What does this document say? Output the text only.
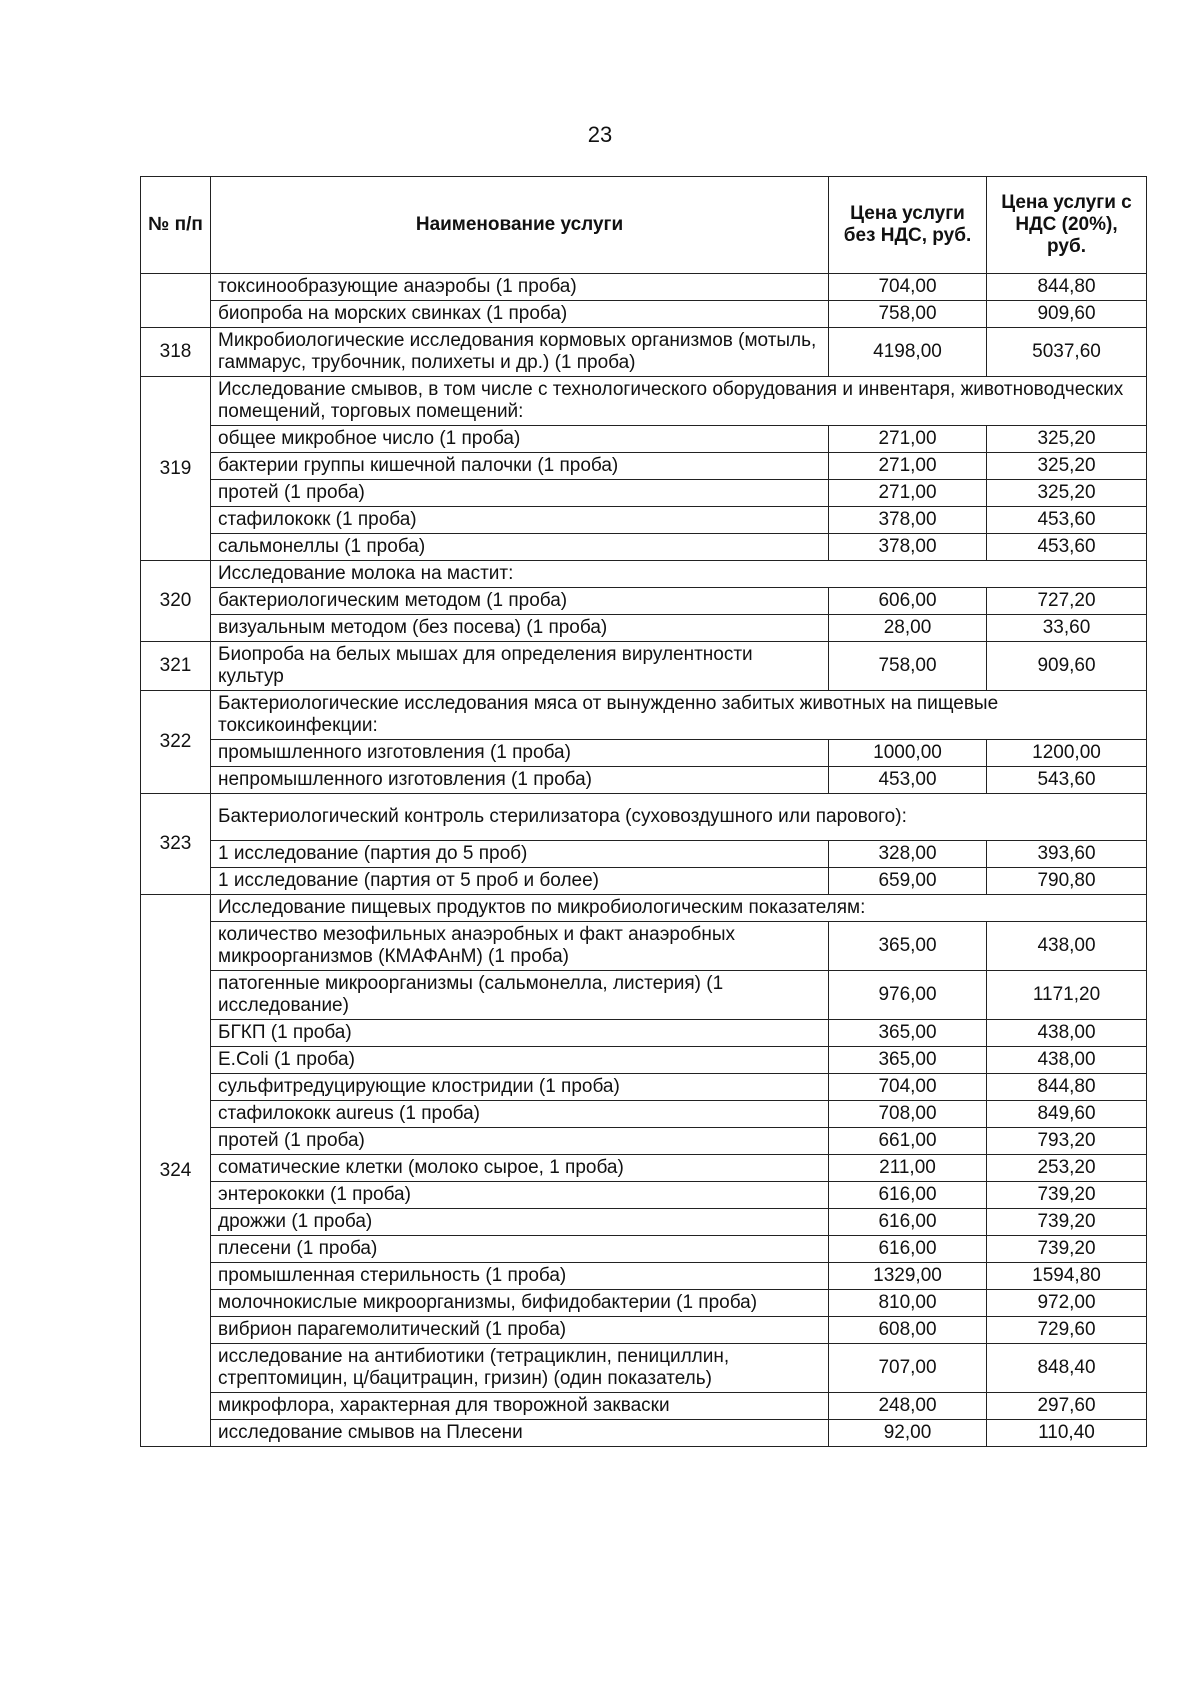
23
№ п/п	Наименование услуги	Цена услуги без НДС, руб.	Цена услуги с НДС (20%), руб.
	токсинообразующие анаэробы (1 проба)	704,00	844,80
	биопроба на морских свинках (1 проба)	758,00	909,60
318	Микробиологические исследования кормовых организмов (мотыль, гаммарус, трубочник, полихеты и др.) (1 проба)	4198,00	5037,60
319	Исследование смывов, в том числе с технологического оборудования и инвентаря, животноводческих помещений, торговых помещений:		
	общее микробное число (1 проба)	271,00	325,20
	бактерии группы кишечной палочки (1 проба)	271,00	325,20
	протей (1 проба)	271,00	325,20
	стафилококк (1 проба)	378,00	453,60
	сальмонеллы (1 проба)	378,00	453,60
320	Исследование молока на мастит:		
	бактериологическим методом (1 проба)	606,00	727,20
	визуальным методом (без посева) (1 проба)	28,00	33,60
321	Биопроба на белых мышах для определения вирулентности культур	758,00	909,60
322	Бактериологические исследования мяса от вынужденно забитых животных на пищевые токсикоинфекции:		
	промышленного изготовления (1 проба)	1000,00	1200,00
	непромышленного изготовления (1 проба)	453,00	543,60
323	Бактериологический контроль стерилизатора (суховоздушного или парового):		
	1 исследование (партия до 5 проб)	328,00	393,60
	1 исследование (партия от 5 проб и более)	659,00	790,80
324	Исследование пищевых продуктов по микробиологическим показателям:		
	количество мезофильных анаэробных и факт анаэробных микроорганизмов (КМАФАнМ) (1 проба)	365,00	438,00
	патогенные микроорганизмы (сальмонелла, листерия) (1 исследование)	976,00	1171,20
	БГКП (1 проба)	365,00	438,00
	E.Coli (1 проба)	365,00	438,00
	сульфитредуцирующие клостридии (1 проба)	704,00	844,80
	стафилококк aureus (1 проба)	708,00	849,60
	протей (1 проба)	661,00	793,20
	соматические клетки (молоко сырое, 1 проба)	211,00	253,20
	энтерококки (1 проба)	616,00	739,20
	дрожжи (1 проба)	616,00	739,20
	плесени (1 проба)	616,00	739,20
	промышленная стерильность (1 проба)	1329,00	1594,80
	молочнокислые микроорганизмы, бифидобактерии (1 проба)	810,00	972,00
	вибрион парагемолитический (1 проба)	608,00	729,60
	исследование на антибиотики (тетрациклин, пенициллин, стрептомицин, ц/бацитрацин, гризин) (один показатель)	707,00	848,40
	микрофлора, характерная для творожной закваски	248,00	297,60
	исследование смывов на Плесени	92,00	110,40
